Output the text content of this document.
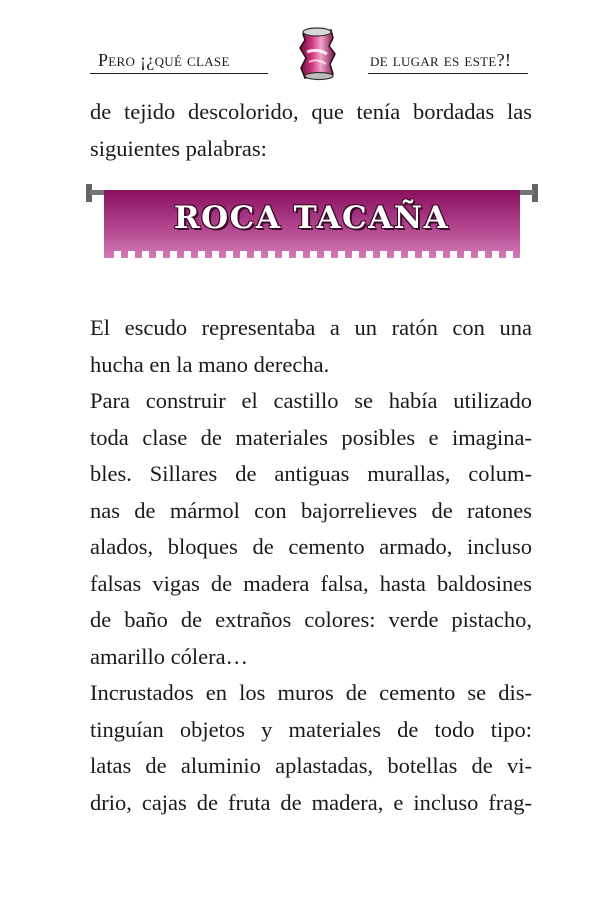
Pero ¡¿qué clase	de lugar es este?!
de tejido descolorido, que tenía bordadas las
siguientes palabras:
ROCA TACAÑA
El escudo representaba a un ratón con una
hucha en la mano derecha.
Para construir el castillo se había utilizado
toda clase de materiales posibles e imagina-
bles. Sillares de antiguas murallas, colum-
nas de mármol con bajorrelieves de ratones
alados, bloques de cemento armado, incluso
falsas vigas de madera falsa, hasta baldosines
de baño de extraños colores: verde pistacho,
amarillo cólera…
Incrustados en los muros de cemento se dis-
tinguían objetos y materiales de todo tipo:
latas de aluminio aplastadas, botellas de vi-
drio, cajas de fruta de madera, e incluso frag-
